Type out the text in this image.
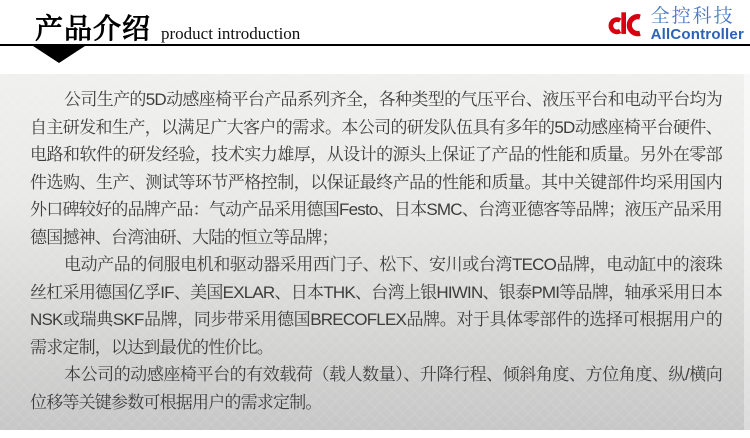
产品介绍 product introduction
全控科技
AllController

公司生产的5D动感座椅平台产品系列齐全，各种类型的气压平台、液压平台和电动平台均为自主研发和生产，以满足广大客户的需求。本公司的研发队伍具有多年的5D动感座椅平台硬件、电路和软件的研发经验，技术实力雄厚，从设计的源头上保证了产品的性能和质量。另外在零部件选购、生产、测试等环节严格控制，以保证最终产品的性能和质量。其中关键部件均采用国内外口碑较好的品牌产品：气动产品采用德国Festo、日本SMC、台湾亚德客等品牌；液压产品采用德国撼神、台湾油研、大陆的恒立等品牌；

电动产品的伺服电机和驱动器采用西门子、松下、安川或台湾TECO品牌，电动缸中的滚珠丝杠采用德国亿孚IF、美国EXLAR、日本THK、台湾上银HIWIN、银泰PMI等品牌，轴承采用日本NSK或瑞典SKF品牌，同步带采用德国BRECOFLEX品牌。对于具体零部件的选择可根据用户的需求定制，以达到最优的性价比。

本公司的动感座椅平台的有效载荷（载人数量）、升降行程、倾斜角度、方位角度、纵/横向位移等关键参数可根据用户的需求定制。
